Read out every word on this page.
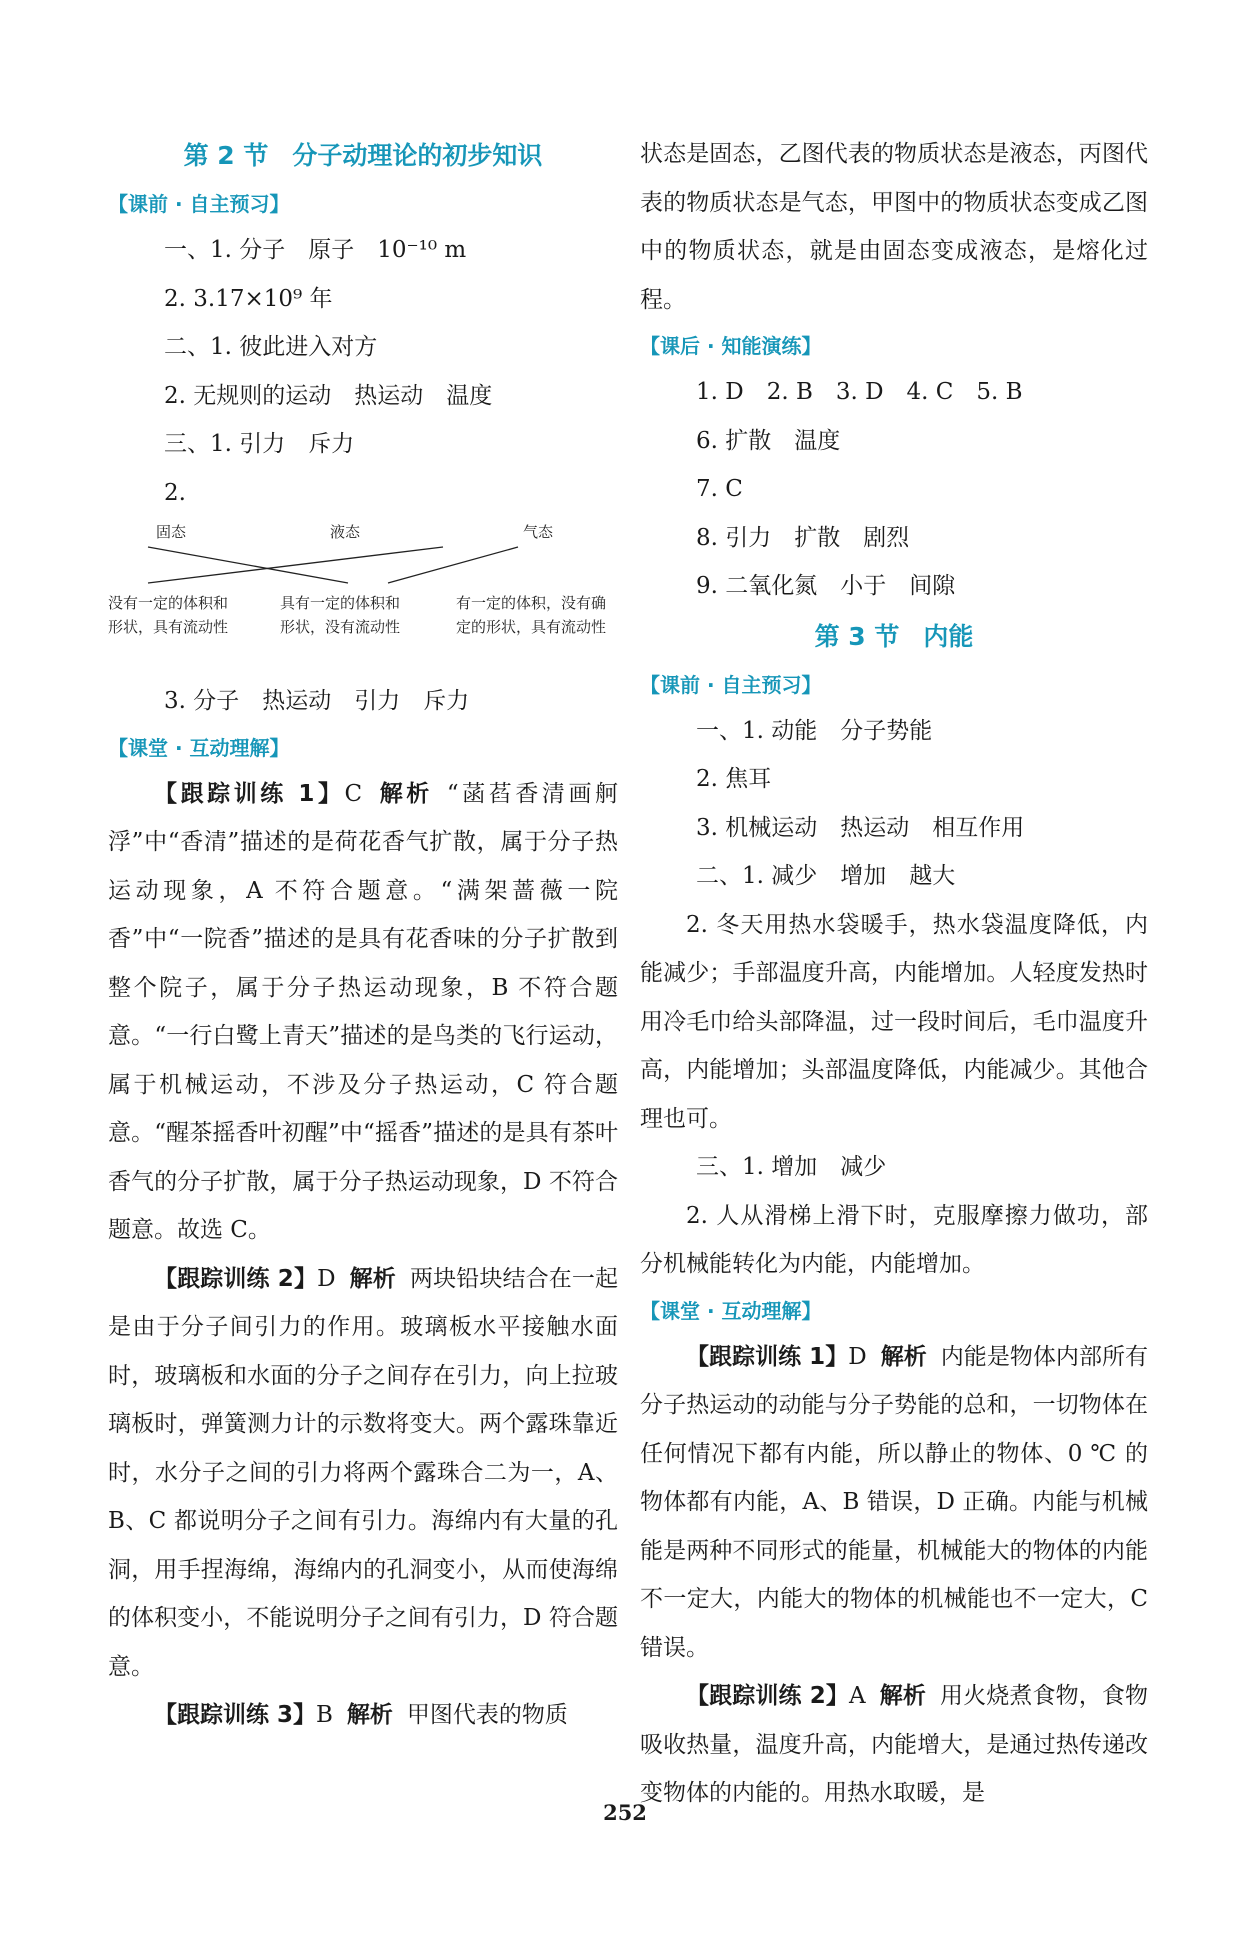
第 2 节 分子动理论的初步知识
【课前 · 自主预习】

一、1. 分子　原子　10⁻¹⁰ m

2. 3.17×10⁹ 年

二、1. 彼此进入对方

2. 无规则的运动　热运动　温度

三、1. 引力　斥力

2.

固态	液态	气态
没有一定的体积和
形状，具有流动性
具有一定的体积和
形状，没有流动性
有一定的体积，没有确
定的形状，具有流动性

3. 分子　热运动　引力　斥力

【课堂 · 互动理解】

【跟踪训练 1】C 解析 “菡萏香清画舸浮”中“香清”描述的是荷花香气扩散，属于分子热运动现象，A 不符合题意。“满架蔷薇一院香”中“一院香”描述的是具有花香味的分子扩散到整个院子，属于分子热运动现象，B 不符合题意。“一行白鹭上青天”描述的是鸟类的飞行运动，属于机械运动，不涉及分子热运动，C 符合题意。“醒茶摇香叶初醒”中“摇香”描述的是具有茶叶香气的分子扩散，属于分子热运动现象，D 不符合题意。故选 C。

【跟踪训练 2】D 解析 两块铅块结合在一起是由于分子间引力的作用。玻璃板水平接触水面时，玻璃板和水面的分子之间存在引力，向上拉玻璃板时，弹簧测力计的示数将变大。两个露珠靠近时，水分子之间的引力将两个露珠合二为一，A、B、C 都说明分子之间有引力。海绵内有大量的孔洞，用手捏海绵，海绵内的孔洞变小，从而使海绵的体积变小，不能说明分子之间有引力，D 符合题意。

【跟踪训练 3】B 解析 甲图代表的物质

状态是固态，乙图代表的物质状态是液态，丙图代表的物质状态是气态，甲图中的物质状态变成乙图中的物质状态，就是由固态变成液态，是熔化过程。

【课后 · 知能演练】

1. D　2. B　3. D　4. C　5. B

6. 扩散　温度

7. C

8. 引力　扩散　剧烈

9. 二氧化氮　小于　间隙

第 3 节 内能
【课前 · 自主预习】

一、1. 动能　分子势能

2. 焦耳

3. 机械运动　热运动　相互作用

二、1. 减少　增加　越大

2. 冬天用热水袋暖手，热水袋温度降低，内能减少；手部温度升高，内能增加。人轻度发热时用冷毛巾给头部降温，过一段时间后，毛巾温度升高，内能增加；头部温度降低，内能减少。其他合理也可。

三、1. 增加　减少

2. 人从滑梯上滑下时，克服摩擦力做功，部分机械能转化为内能，内能增加。

【课堂 · 互动理解】

【跟踪训练 1】D 解析 内能是物体内部所有分子热运动的动能与分子势能的总和，一切物体在任何情况下都有内能，所以静止的物体、0 ℃ 的物体都有内能，A、B 错误，D 正确。内能与机械能是两种不同形式的能量，机械能大的物体的内能不一定大，内能大的物体的机械能也不一定大，C 错误。

【跟踪训练 2】A 解析 用火烧煮食物，食物吸收热量，温度升高，内能增大，是通过热传递改变物体的内能的。用热水取暖，是

252
